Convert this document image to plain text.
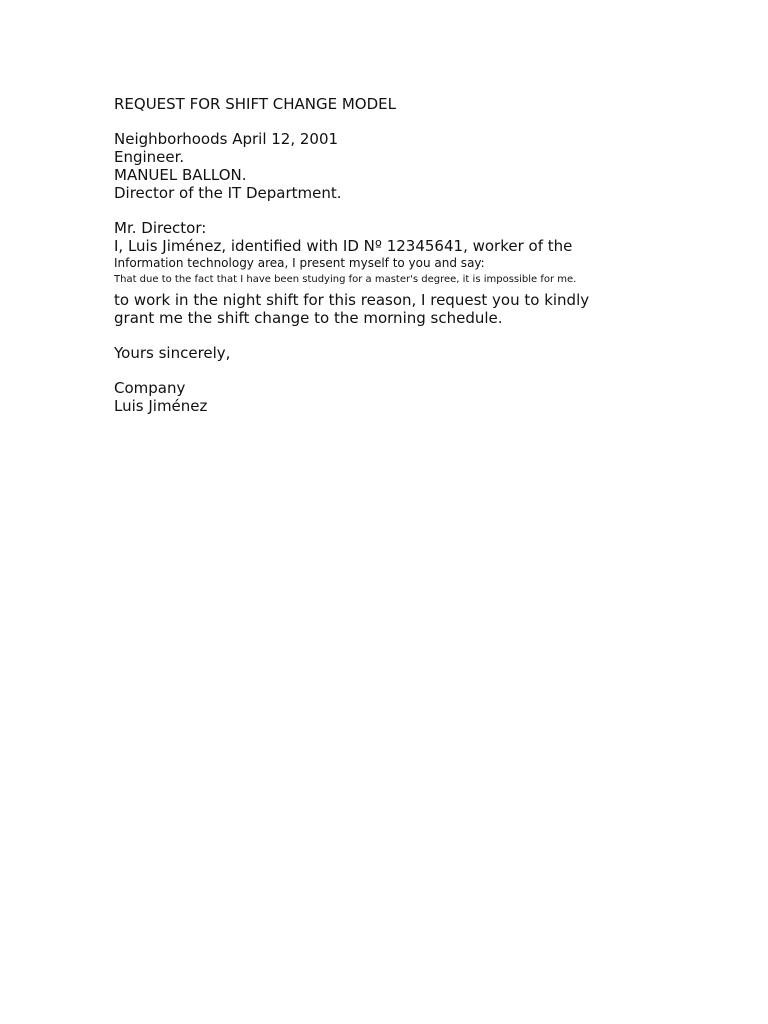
REQUEST FOR SHIFT CHANGE MODEL
Neighborhoods April 12, 2001
Engineer.
MANUEL BALLON.
Director of the IT Department.
Mr. Director:
I, Luis Jiménez, identified with ID Nº 12345641, worker of the
Information technology area, I present myself to you and say:
That due to the fact that I have been studying for a master's degree, it is impossible for me.
to work in the night shift for this reason, I request you to kindly
grant me the shift change to the morning schedule.
Yours sincerely,
Company
Luis Jiménez
